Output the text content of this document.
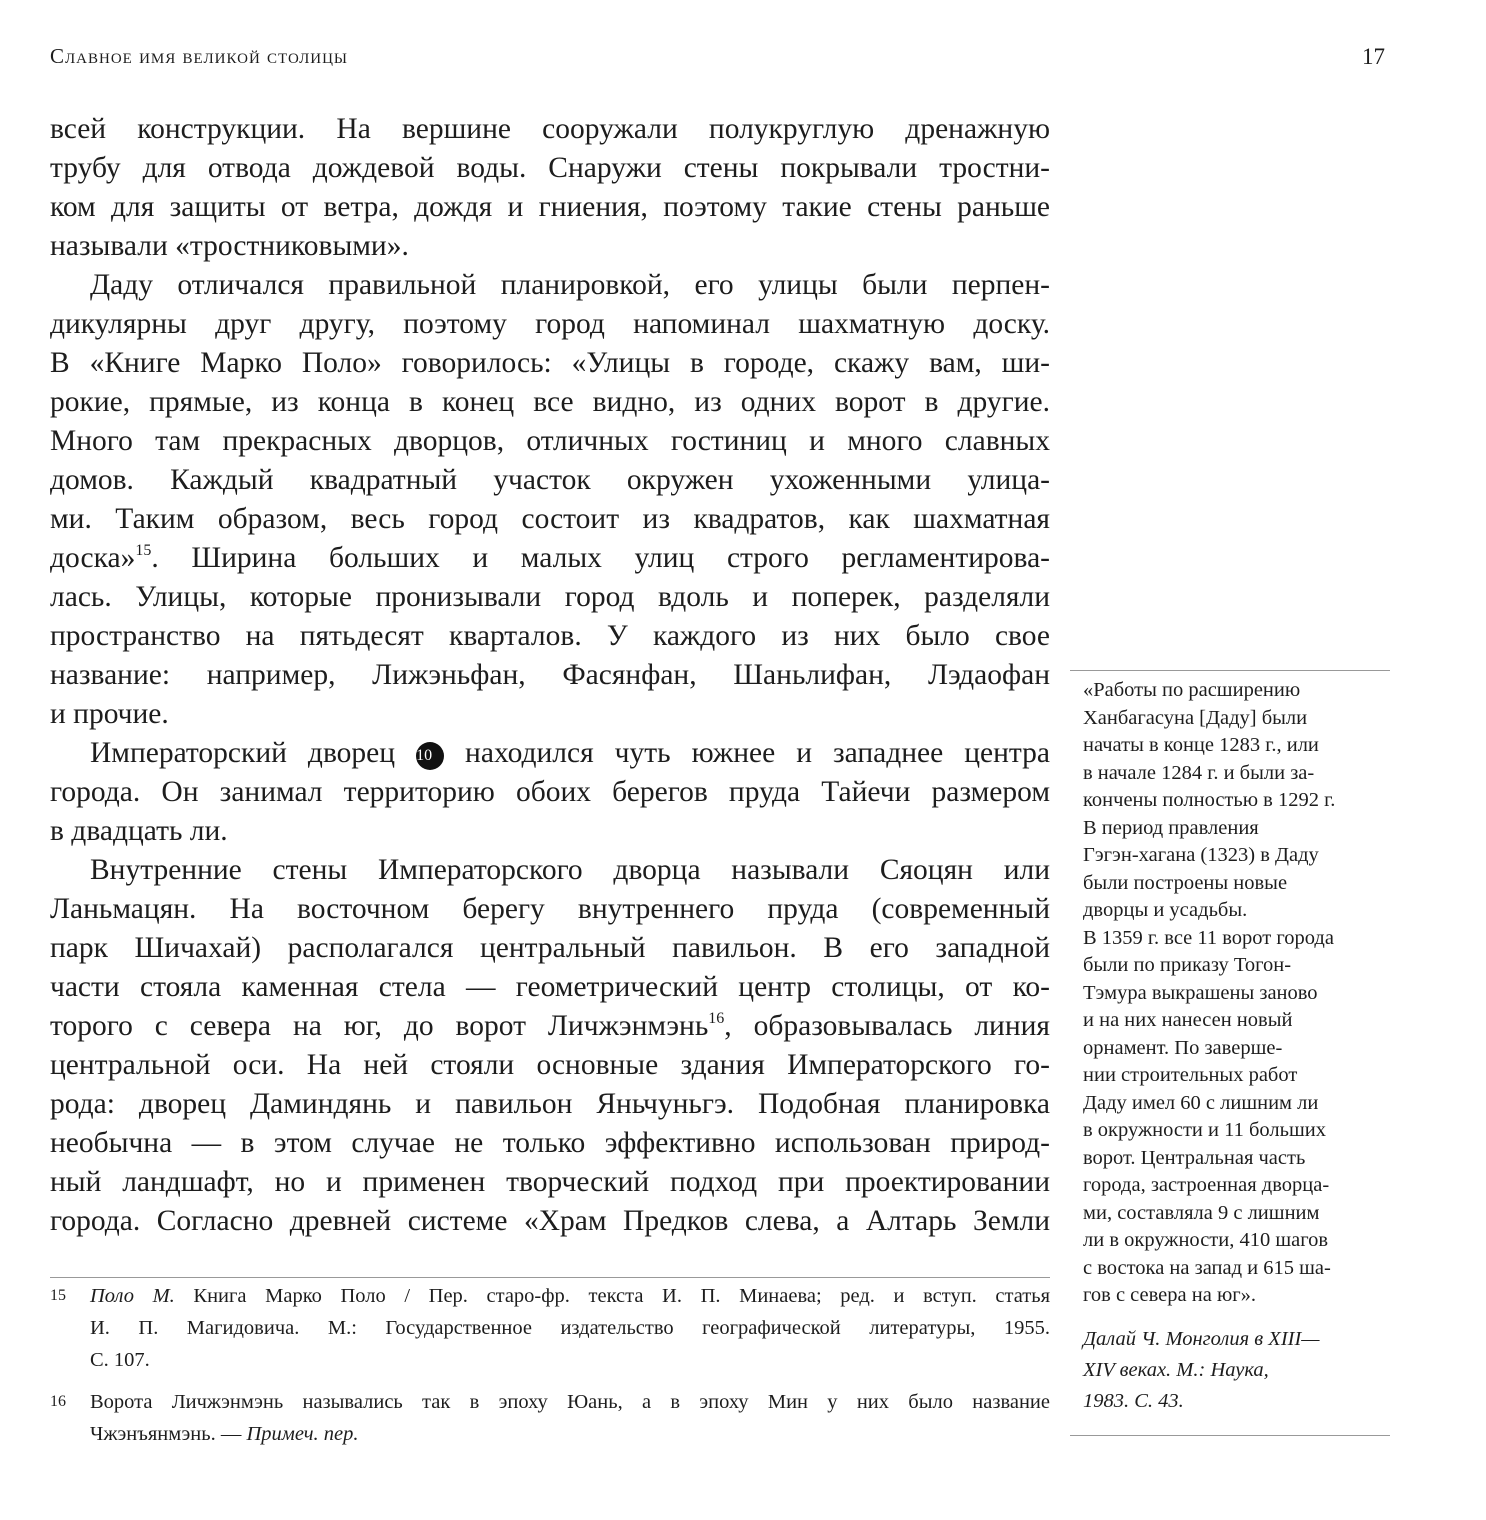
Славное имя великой столицы	17
всей конструкции. На вершине сооружали полукруглую дренажную
трубу для отвода дождевой воды. Снаружи стены покрывали тростни-
ком для защиты от ветра, дождя и гниения, поэтому такие стены раньше
называли «тростниковыми».
Даду отличался правильной планировкой, его улицы были перпен-
дикулярны друг другу, поэтому город напоминал шахматную доску.
В «Книге Марко Поло» говорилось: «Улицы в городе, скажу вам, ши-
рокие, прямые, из конца в конец все видно, из одних ворот в другие.
Много там прекрасных дворцов, отличных гостиниц и много славных
домов. Каждый квадратный участок окружен ухоженными улица-
ми. Таким образом, весь город состоит из квадратов, как шахматная
доска»$^{15}$. Ширина больших и малых улиц строго регламентирова-
лась. Улицы, которые пронизывали город вдоль и поперек, разделяли
пространство на пятьдесят кварталов. У каждого из них было свое
название: например, Лижэньфан, Фасянфан, Шаньлифан, Лэдаофан
и прочие.
Императорский дворец 10 находился чуть южнее и западнее центра
города. Он занимал территорию обоих берегов пруда Тайечи размером
в двадцать ли.
Внутренние стены Императорского дворца называли Сяоцян или
Ланьмацян. На восточном берегу внутреннего пруда (современный
парк Шичахай) располагался центральный павильон. В его западной
части стояла каменная стела — геометрический центр столицы, от ко-
торого с севера на юг, до ворот Личжэнмэнь$^{16}$, образовывалась линия
центральной оси. На ней стояли основные здания Императорского го-
рода: дворец Даминдянь и павильон Яньчуньгэ. Подобная планировка
необычна — в этом случае не только эффективно использован природ-
ный ландшафт, но и применен творческий подход при проектировании
города. Согласно древней системе «Храм Предков слева, а Алтарь Земли
15 Поло М. Книга Марко Поло / Пер. старо-фр. текста И. П. Минаева; ред. и вступ. статья
И. П. Магидовича. М.: Государственное издательство географической литературы, 1955.
С. 107.
16 Ворота Личжэнмэнь назывались так в эпоху Юань, а в эпоху Мин у них было название
Чжэнъянмэнь. — Примеч. пер.
«Работы по расширению
Ханбагасуна [Даду] были
начаты в конце 1283 г., или
в начале 1284 г. и были за-
кончены полностью в 1292 г.
В период правления
Гэгэн-хагана (1323) в Даду
были построены новые
дворцы и усадьбы.
В 1359 г. все 11 ворот города
были по приказу Тогон-
Тэмура выкрашены заново
и на них нанесен новый
орнамент. По заверше-
нии строительных работ
Даду имел 60 с лишним ли
в окружности и 11 больших
ворот. Центральная часть
города, застроенная дворца-
ми, составляла 9 с лишним
ли в окружности, 410 шагов
с востока на запад и 615 ша-
гов с севера на юг».
Далай Ч. Монголия в XIII—
XIV веках. М.: Наука,
1983. С. 43.
